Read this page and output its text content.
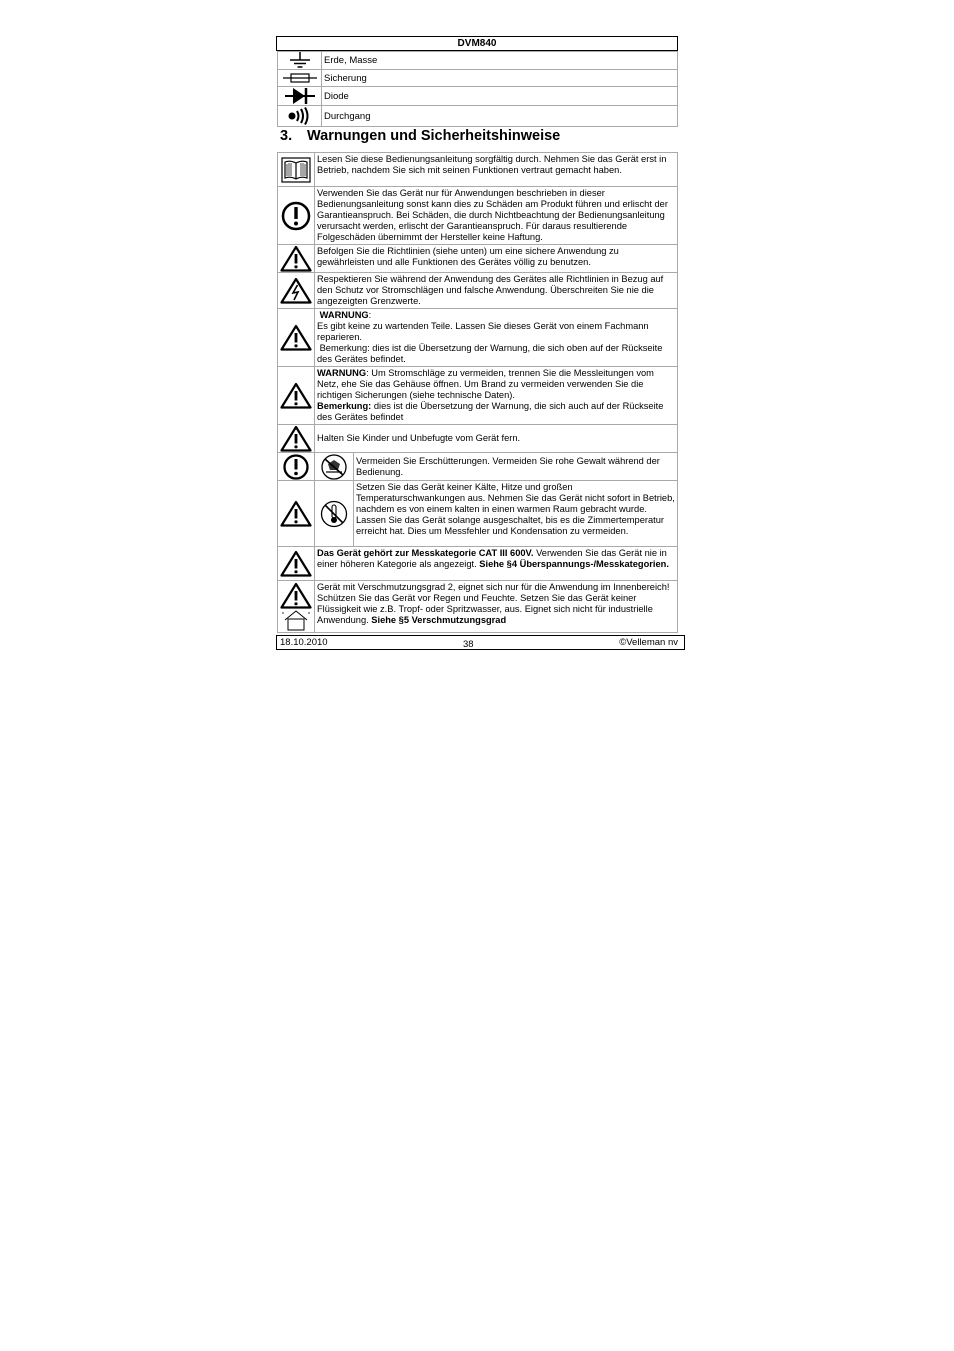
DVM840
	Erde, Masse

	Sicherung

	Diode

	Durchgang
3. Warnungen und Sicherheitshinweise
	Lesen Sie diese Bedienungsanleitung sorgfältig durch. Nehmen Sie das Gerät erst in Betrieb, nachdem Sie sich mit seinen Funktionen vertraut gemacht haben.	

	Verwenden Sie das Gerät nur für Anwendungen beschrieben in dieser Bedienungsanleitung sonst kann dies zu Schäden am Produkt führen und erlischt der Garantieanspruch. Bei Schäden, die durch Nichtbeachtung der Bedienungsanleitung verursacht werden, erlischt der Garantieanspruch. Für daraus resultierende Folgeschäden übernimmt der Hersteller keine Haftung.	

	Befolgen Sie die Richtlinien (siehe unten) um eine sichere Anwendung zu gewährleisten und alle Funktionen des Gerätes völlig zu benutzen.	

	Respektieren Sie während der Anwendung des Gerätes alle Richtlinien in Bezug auf den Schutz vor Stromschlägen und falsche Anwendung. Überschreiten Sie nie die angezeigten Grenzwerte.	

	WARNUNG:
Es gibt keine zu wartenden Teile. Lassen Sie dieses Gerät von einem Fachmann reparieren.
Bemerkung: dies ist die Übersetzung der Warnung, die sich oben auf der Rückseite des Gerätes befindet.	

	WARNUNG: Um Stromschläge zu vermeiden, trennen Sie die Messleitungen vom Netz, ehe Sie das Gehäuse öffnen. Um Brand zu vermeiden verwenden Sie die richtigen Sicherungen (siehe technische Daten).
Bemerkung: dies ist die Übersetzung der Warnung, die sich auch auf der Rückseite des Gerätes befindet	

	Halten Sie Kinder und Unbefugte vom Gerät fern.	

	Vermeiden Sie Erschütterungen. Vermeiden Sie rohe Gewalt während der Bedienung.

	Setzen Sie das Gerät keiner Kälte, Hitze und großen Temperaturschwankungen aus. Nehmen Sie das Gerät nicht sofort in Betrieb, nachdem es von einem kalten in einen warmen Raum gebracht wurde. Lassen Sie das Gerät solange ausgeschaltet, bis es die Zimmertemperatur erreicht hat. Dies um Messfehler und Kondensation zu vermeiden.

	Das Gerät gehört zur Messkategorie CAT III 600V. Verwenden Sie das Gerät nie in einer höheren Kategorie als angezeigt. Siehe §4 Überspannungs-/Messkategorien.	

	Gerät mit Verschmutzungsgrad 2, eignet sich nur für die Anwendung im Innenbereich! Schützen Sie das Gerät vor Regen und Feuchte. Setzen Sie das Gerät keiner Flüssigkeit wie z.B. Tropf- oder Spritzwasser, aus. Eignet sich nicht für industrielle Anwendung. Siehe §5 Verschmutzungsgrad	
18.10.2010	38	©Velleman nv
